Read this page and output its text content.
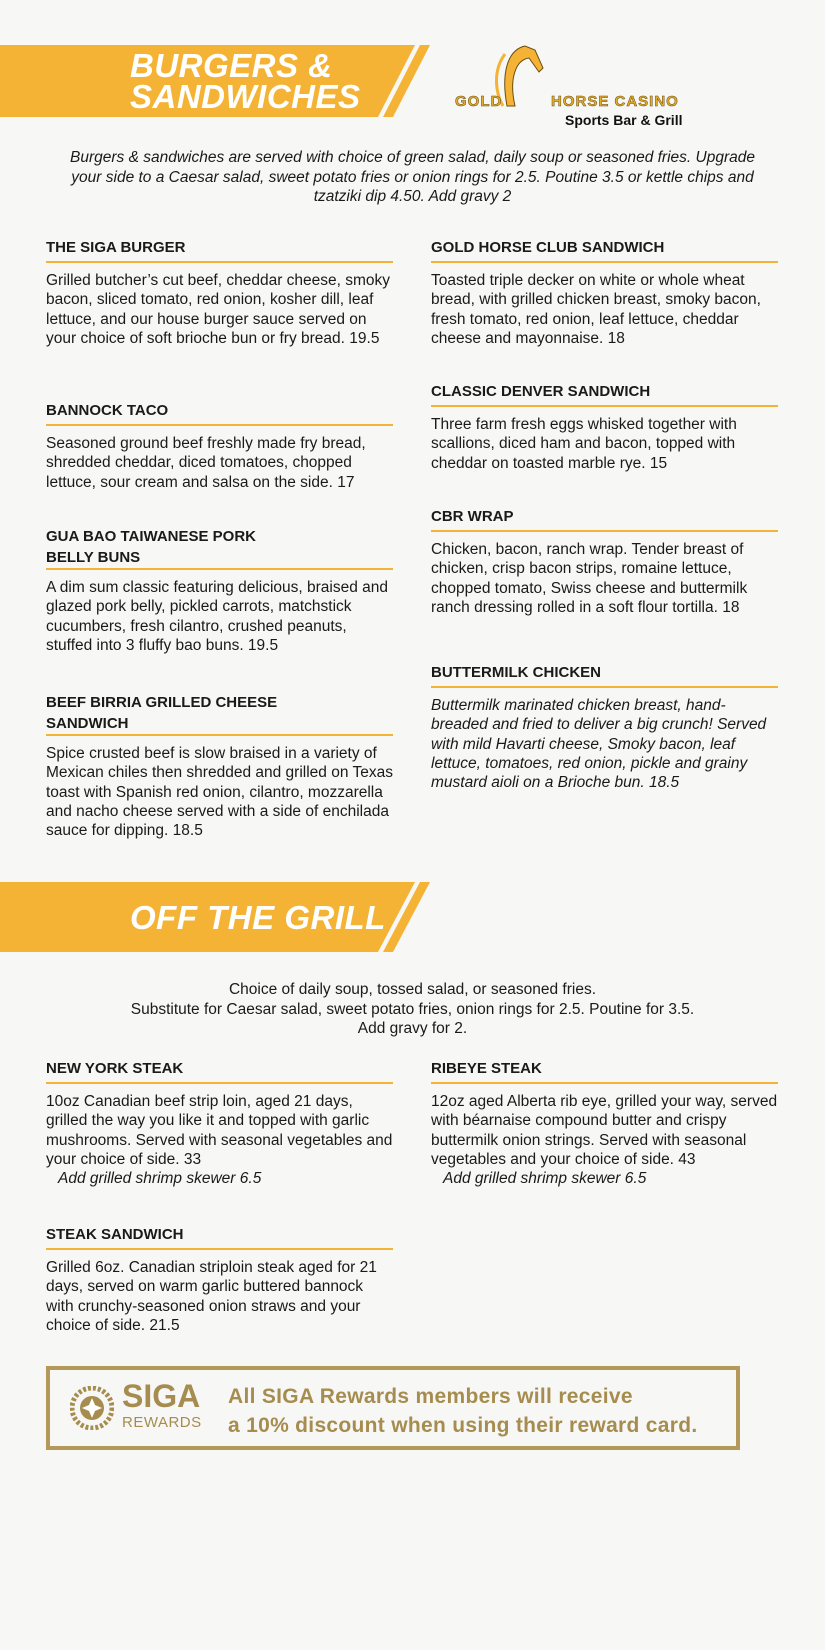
BURGERS &
SANDWICHES	GOLD	HORSE CASINO
Sports Bar & Grill
Burgers & sandwiches are served with choice of green salad, daily soup or seasoned fries. Upgrade your side to a Caesar salad, sweet potato fries or onion rings for 2.5. Poutine 3.5 or kettle chips and tzatziki dip 4.50. Add gravy 2
THE SIGA BURGER

Grilled butcher’s cut beef, cheddar cheese, smoky bacon, sliced tomato, red onion, kosher dill, leaf lettuce, and our house burger sauce served on your choice of soft brioche bun or fry bread. 19.5

BANNOCK TACO

Seasoned ground beef freshly made fry bread, shredded cheddar, diced tomatoes, chopped lettuce, sour cream and salsa on the side. 17

GUA BAO TAIWANESE PORK BELLY BUNS

A dim sum classic featuring delicious, braised and glazed pork belly, pickled carrots, matchstick cucumbers, fresh cilantro, crushed peanuts, stuffed into 3 fluffy bao buns. 19.5

BEEF BIRRIA GRILLED CHEESE SANDWICH

Spice crusted beef is slow braised in a variety of Mexican chiles then shredded and grilled on Texas toast with Spanish red onion, cilantro, mozzarella and nacho cheese served with a side of enchilada sauce for dipping. 18.5

GOLD HORSE CLUB SANDWICH

Toasted triple decker on white or whole wheat bread, with grilled chicken breast, smoky bacon, fresh tomato, red onion, leaf lettuce, cheddar cheese and mayonnaise. 18

CLASSIC DENVER SANDWICH

Three farm fresh eggs whisked together with scallions, diced ham and bacon, topped with cheddar on toasted marble rye. 15

CBR WRAP

Chicken, bacon, ranch wrap. Tender breast of chicken, crisp bacon strips, romaine lettuce, chopped tomato, Swiss cheese and buttermilk ranch dressing rolled in a soft flour tortilla. 18

BUTTERMILK CHICKEN

Buttermilk marinated chicken breast, hand-breaded and fried to deliver a big crunch! Served with mild Havarti cheese, Smoky bacon, leaf lettuce, tomatoes, red onion, pickle and grainy mustard aioli on a Brioche bun. 18.5

OFF THE GRILL
Choice of daily soup, tossed salad, or seasoned fries.
Substitute for Caesar salad, sweet potato fries, onion rings for 2.5. Poutine for 3.5.
Add gravy for 2.
NEW YORK STEAK

10oz Canadian beef strip loin, aged 21 days, grilled the way you like it and topped with garlic mushrooms. Served with seasonal vegetables and your choice of side. 33

Add grilled shrimp skewer 6.5
RIBEYE STEAK

12oz aged Alberta rib eye, grilled your way, served with béarnaise compound butter and crispy buttermilk onion strings. Served with seasonal vegetables and your choice of side. 43

Add grilled shrimp skewer 6.5
STEAK SANDWICH

Grilled 6oz. Canadian striploin steak aged for 21 days, served on warm garlic buttered bannock with crunchy-seasoned onion straws and your choice of side. 21.5

SIGA
REWARDS
All SIGA Rewards members will receive
a 10% discount when using their reward card.
